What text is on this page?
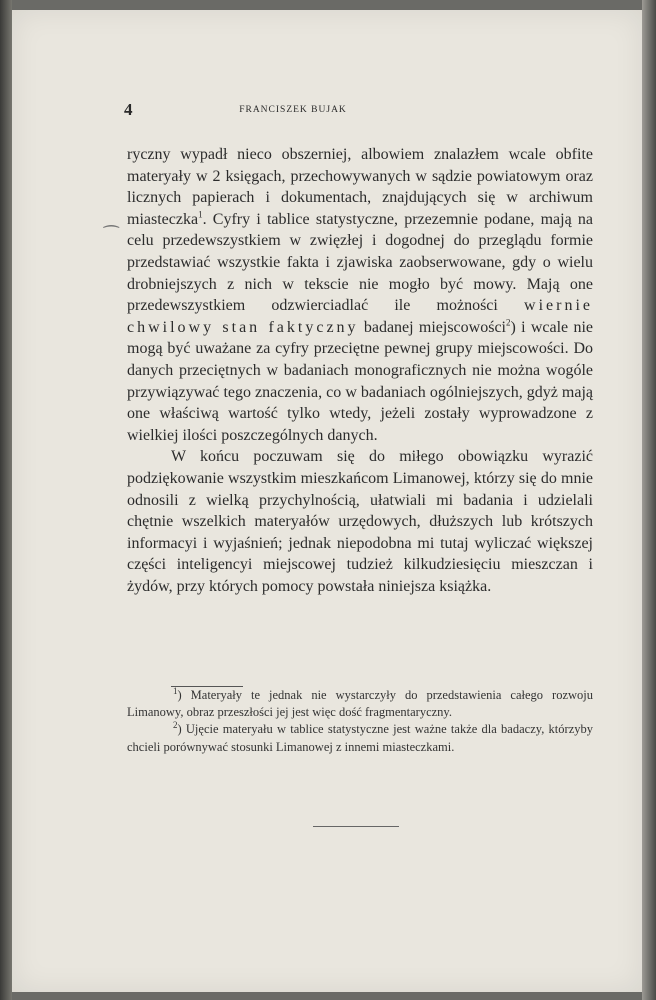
⁀
4	FRANCISZEK BUJAK

ryczny wypadł nieco obszerniej, albowiem znalazłem wcale obfite materyały w 2 księgach, przechowywanych w sądzie powiatowym oraz licznych papierach i dokumentach, znajdujących się w archiwum miasteczka$^1$. Cyfry i tablice statystyczne, przezemnie podane, mają na celu przedewszystkiem w zwięzłej i dogodnej do przeglądu formie przedstawiać wszystkie fakta i zjawiska zaobserwowane, gdy o wielu drobniejszych z nich w tekscie nie mogło być mowy. Mają one przedewszystkiem odzwierciadlać ile możności wiernie chwilowy stan faktyczny badanej miejscowości$^2$) i wcale nie mogą być uważane za cyfry przeciętne pewnej grupy miejscowości. Do danych przeciętnych w badaniach monograficznych nie można wogóle przywiązywać tego znaczenia, co w badaniach ogólniejszych, gdyż mają one właściwą wartość tylko wtedy, jeżeli zostały wyprowadzone z wielkiej ilości poszczególnych danych.

W końcu poczuwam się do miłego obowiązku wyrazić podziękowanie wszystkim mieszkańcom Limanowej, którzy się do mnie odnosili z wielką przychylnością, ułatwiali mi badania i udzielali chętnie wszelkich materyałów urzędowych, dłuższych lub krótszych informacyi i wyjaśnień; jednak niepodobna mi tutaj wyliczać większej części inteligencyi miejscowej tudzież kilkudziesięciu mieszczan i żydów, przy których pomocy powstała niniejsza książka.

$^1$) Materyały te jednak nie wystarczyły do przedstawienia całego rozwoju Limanowy, obraz przeszłości jej jest więc dość fragmentaryczny.

$^2$) Ujęcie materyału w tablice statystyczne jest ważne także dla badaczy, którzyby chcieli porównywać stosunki Limanowej z innemi miasteczkami.
